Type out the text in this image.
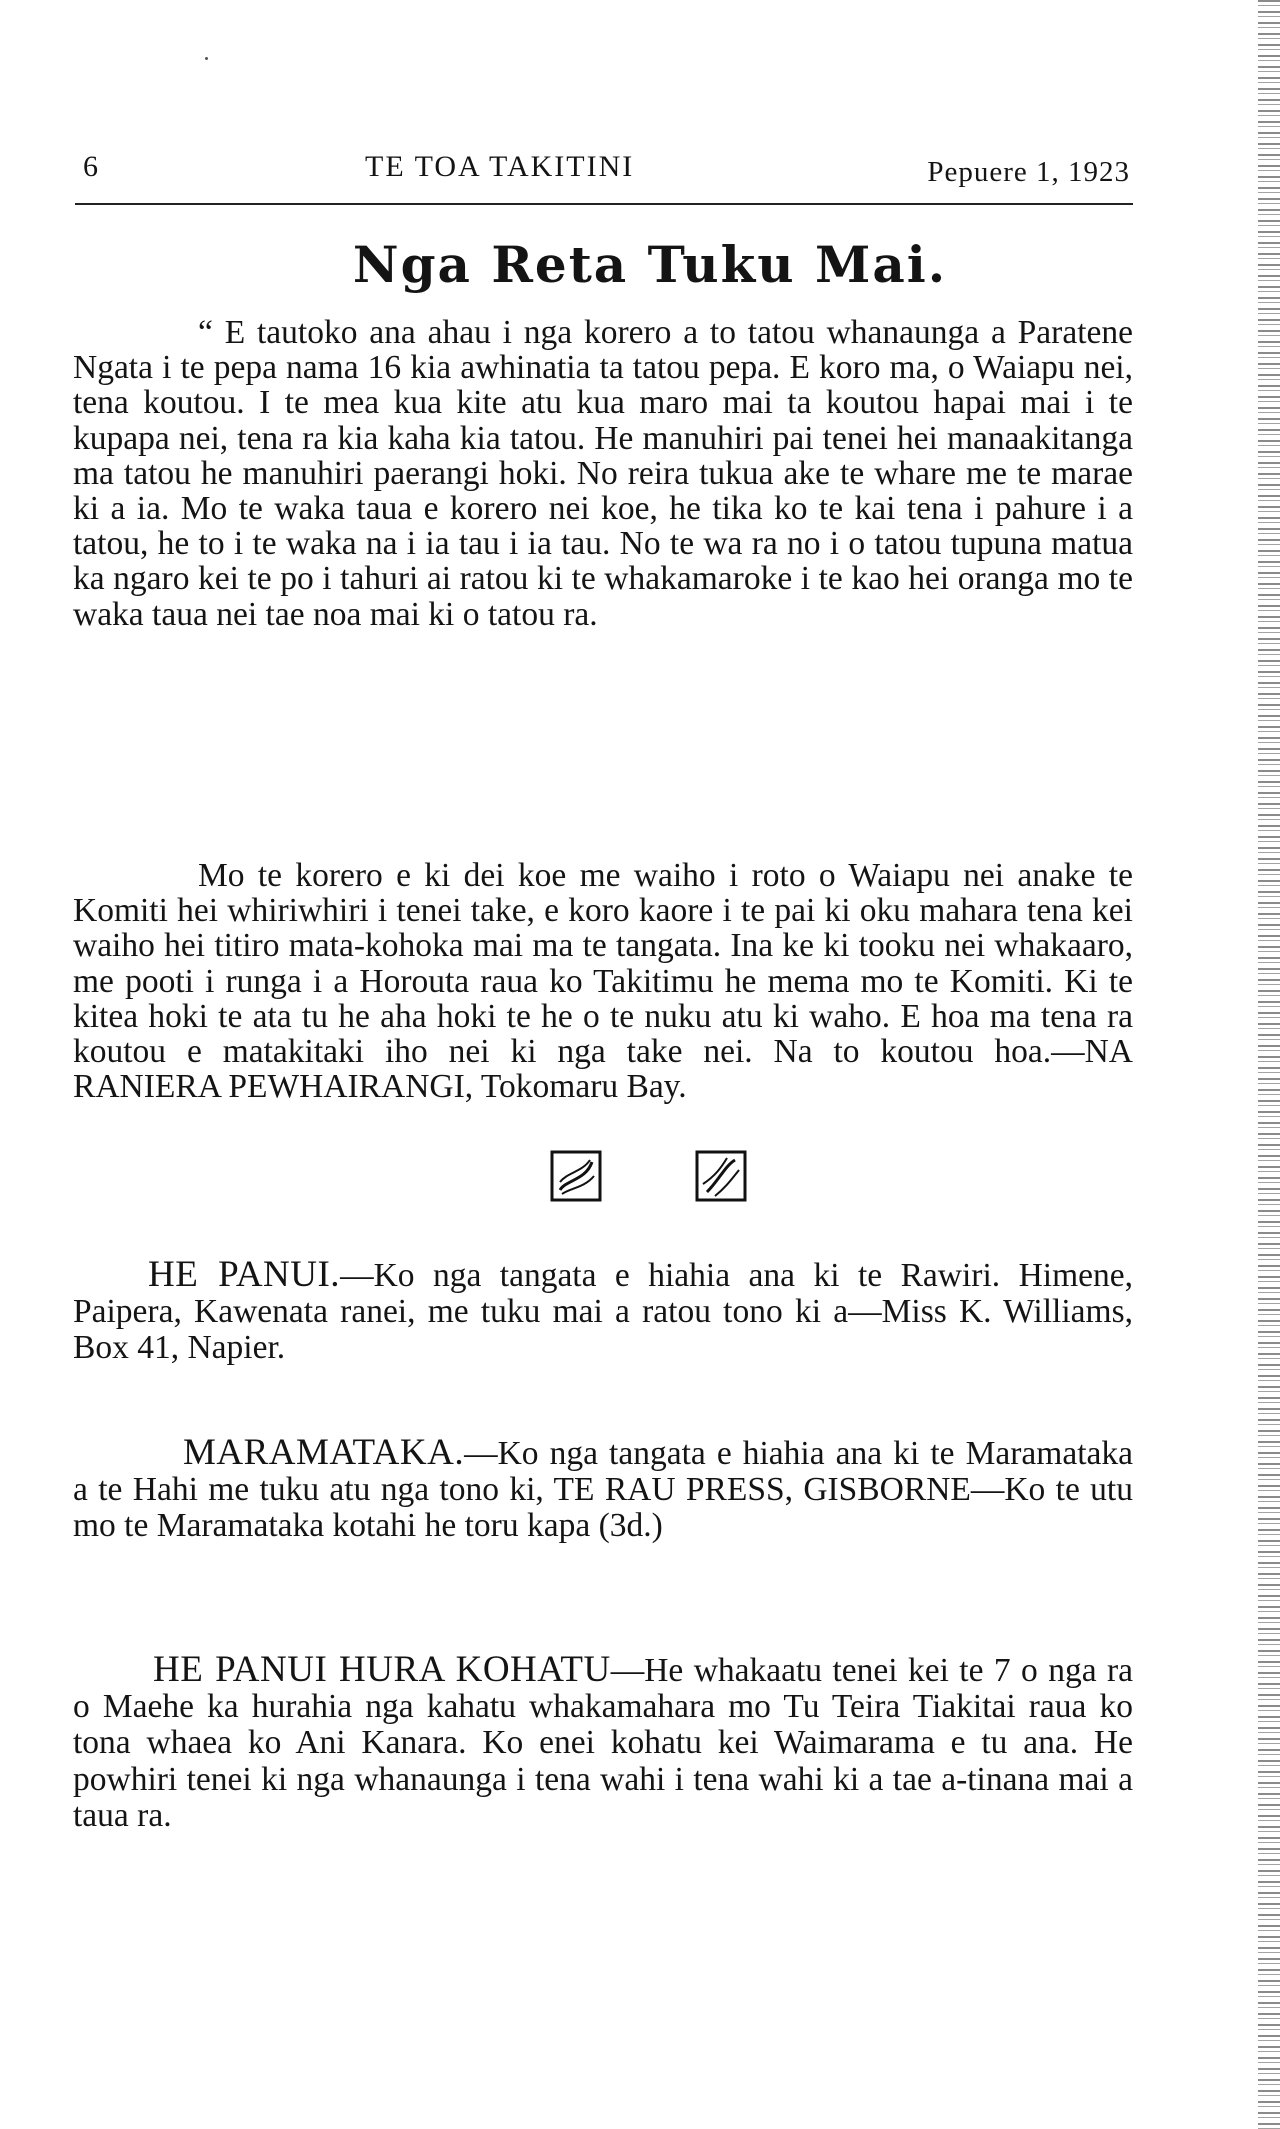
6	TE TOA TAKITINI	Pepuere 1, 1923
Nga Reta Tuku Mai.

“ E tautoko ana ahau i nga korero a to tatou whanaunga a Paratene Ngata i te pepa nama 16 kia awhinatia ta tatou pepa. E koro ma, o Waiapu nei, tena koutou. I te mea kua kite atu kua maro mai ta koutou hapai mai i te kupapa nei, tena ra kia kaha kia tatou. He manuhiri pai tenei hei manaakitanga ma tatou he manuhiri paerangi hoki. No reira tukua ake te whare me te marae ki a ia. Mo te waka taua e korero nei koe, he tika ko te kai tena i pahure i a tatou, he to i te waka na i ia tau i ia tau. No te wa ra no i o tatou tupuna matua ka ngaro kei te po i tahuri ai ratou ki te whakamaroke i te kao hei oranga mo te waka taua nei tae noa mai ki o tatou ra.

Mo te korero e ki dei koe me waiho i roto o Waiapu nei anake te Komiti hei whiriwhiri i tenei take, e koro kaore i te pai ki oku mahara tena kei waiho hei titiro mata-kohoka mai ma te tangata. Ina ke ki tooku nei whakaaro, me pooti i runga i a Horouta raua ko Takitimu he mema mo te Komiti. Ki te kitea hoki te ata tu he aha hoki te he o te nuku atu ki waho. E hoa ma tena ra koutou e matakitaki iho nei ki nga take nei. Na to koutou hoa.—NA RANIERA PEWHAIRANGI, Tokomaru Bay.

HE PANUI.—Ko nga tangata e hiahia ana ki te Rawiri. Himene, Paipera, Kawenata ranei, me tuku mai a ratou tono ki a—Miss K. Williams, Box 41, Napier.

MARAMATAKA.—Ko nga tangata e hiahia ana ki te Maramataka a te Hahi me tuku atu nga tono ki, TE RAU PRESS, GISBORNE—Ko te utu mo te Maramataka kotahi he toru kapa (3d.)

HE PANUI HURA KOHATU—He whakaatu tenei kei te 7 o nga ra o Maehe ka hurahia nga kahatu whakamahara mo Tu Teira Tiakitai raua ko tona whaea ko Ani Kanara. Ko enei kohatu kei Waimarama e tu ana. He powhiri tenei ki nga whanaunga i tena wahi i tena wahi ki a tae a-tinana mai a taua ra.
